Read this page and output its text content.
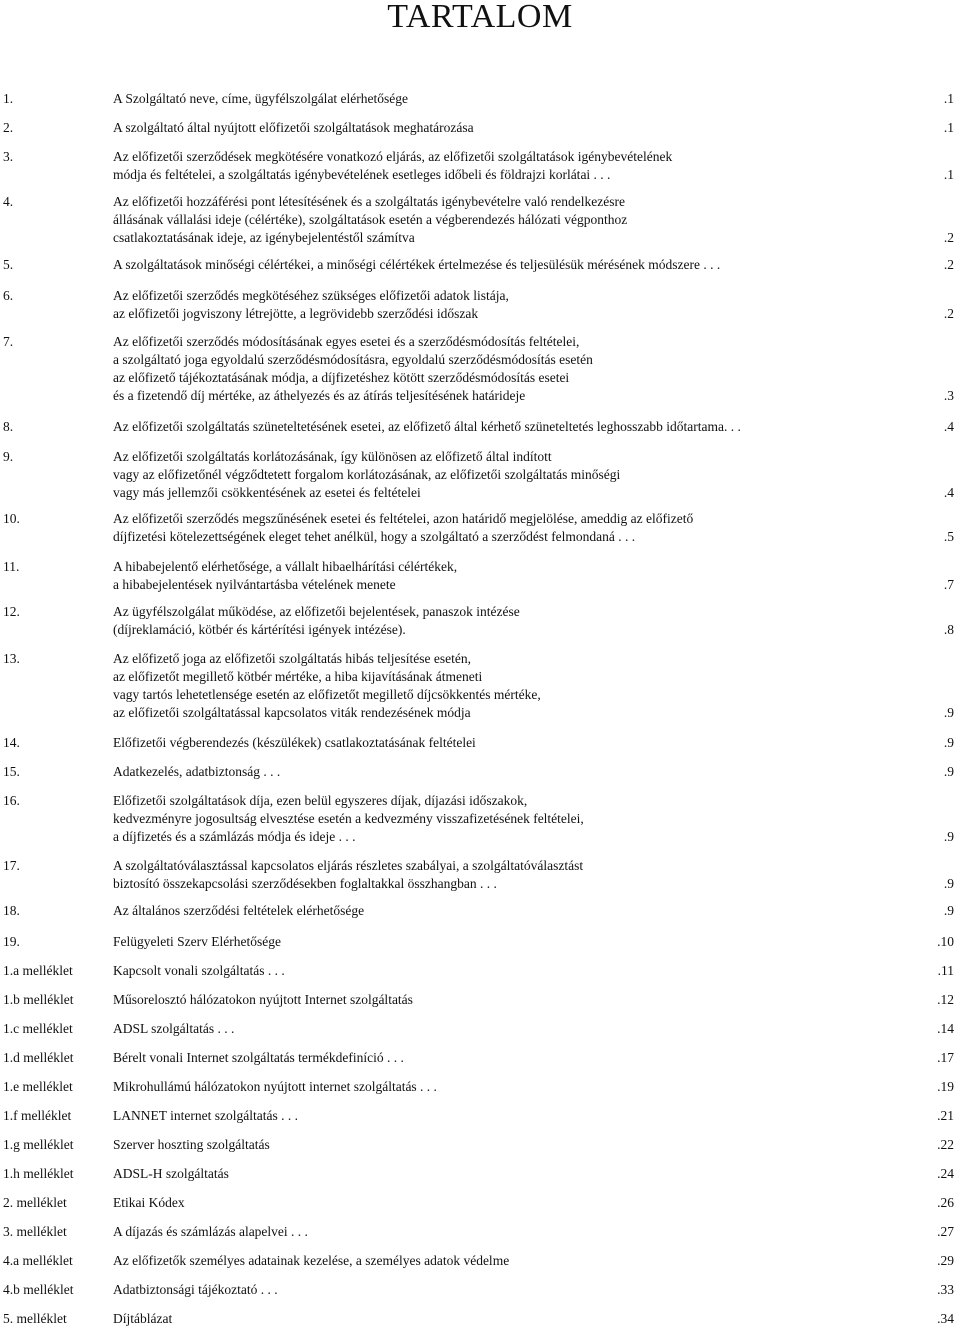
TARTALOM
1.	A Szolgáltató neve, címe, ügyfélszolgálat elérhetősége	.1
2.	A szolgáltató által nyújtott előfizetői szolgáltatások meghatározása	.1
3.	Az előfizetői szerződések megkötésére vonatkozó eljárás, az előfizetői szolgáltatások igénybevételének
módja és feltételei, a szolgáltatás igénybevételének esetleges időbeli és földrajzi korlátai . . .	.1
4.	Az előfizetői hozzáférési pont létesítésének és a szolgáltatás igénybevételre való rendelkezésre
állásának vállalási ideje (célértéke), szolgáltatások esetén a végberendezés hálózati végponthoz
csatlakoztatásának ideje, az igénybejelentéstől számítva	.2
5.	A szolgáltatások minőségi célértékei, a minőségi célértékek értelmezése és teljesülésük mérésének módszere . . .	.2
6.	Az előfizetői szerződés megkötéséhez szükséges előfizetői adatok listája,
az előfizetői jogviszony létrejötte, a legrövidebb szerződési időszak	.2
7.	Az előfizetői szerződés módosításának egyes esetei és a szerződésmódosítás feltételei,
a szolgáltató joga egyoldalú szerződésmódosításra, egyoldalú szerződésmódosítás esetén
az előfizető tájékoztatásának módja, a díjfizetéshez kötött szerződésmódosítás esetei
és a fizetendő díj mértéke, az áthelyezés és az átírás teljesítésének határideje	.3
8.	Az előfizetői szolgáltatás szüneteltetésének esetei, az előfizető által kérhető szüneteltetés leghosszabb időtartama. . .	.4
9.	Az előfizetői szolgáltatás korlátozásának, így különösen az előfizető által indított
vagy az előfizetőnél végződtetett forgalom korlátozásának, az előfizetői szolgáltatás minőségi
vagy más jellemzői csökkentésének az esetei és feltételei	.4
10.	Az előfizetői szerződés megszűnésének esetei és feltételei, azon határidő megjelölése, ameddig az előfizető
díjfizetési kötelezettségének eleget tehet anélkül, hogy a szolgáltató a szerződést felmondaná . . .	.5
11.	A hibabejelentő elérhetősége, a vállalt hibaelhárítási célértékek,
a hibabejelentések nyilvántartásba vételének menete	.7
12.	Az ügyfélszolgálat működése, az előfizetői bejelentések, panaszok intézése
(díjreklamáció, kötbér és kártérítési igények intézése).	.8
13.	Az előfizető joga az előfizetői szolgáltatás hibás teljesítése esetén,
az előfizetőt megillető kötbér mértéke, a hiba kijavításának átmeneti
vagy tartós lehetetlensége esetén az előfizetőt megillető díjcsökkentés mértéke,
az előfizetői szolgáltatással kapcsolatos viták rendezésének módja	.9
14.	Előfizetői végberendezés (készülékek) csatlakoztatásának feltételei	.9
15.	Adatkezelés, adatbiztonság . . .	.9
16.	Előfizetői szolgáltatások díja, ezen belül egyszeres díjak, díjazási időszakok,
kedvezményre jogosultság elvesztése esetén a kedvezmény visszafizetésének feltételei,
a díjfizetés és a számlázás módja és ideje . . .	.9
17.	A szolgáltatóválasztással kapcsolatos eljárás részletes szabályai, a szolgáltatóválasztást
biztosító összekapcsolási szerződésekben foglaltakkal összhangban . . .	.9
18.	Az általános szerződési feltételek elérhetősége	.9
19.	Felügyeleti Szerv Elérhetősége	.10
1.a melléklet	Kapcsolt vonali szolgáltatás . . .	.11
1.b melléklet	Műsorelosztó hálózatokon nyújtott Internet szolgáltatás	.12
1.c melléklet	ADSL szolgáltatás . . .	.14
1.d melléklet	Bérelt vonali Internet szolgáltatás termékdefiníció . . .	.17
1.e melléklet	Mikrohullámú hálózatokon nyújtott internet szolgáltatás . . .	.19
1.f melléklet	LANNET internet szolgáltatás . . .	.21
1.g melléklet	Szerver hoszting szolgáltatás	.22
1.h melléklet	ADSL-H szolgáltatás	.24
2. melléklet	Etikai Kódex	.26
3. melléklet	A díjazás és számlázás alapelvei . . .	.27
4.a melléklet	Az előfizetők személyes adatainak kezelése, a személyes adatok védelme	.29
4.b melléklet	Adatbiztonsági tájékoztató . . .	.33
5. melléklet	Díjtáblázat	.34
